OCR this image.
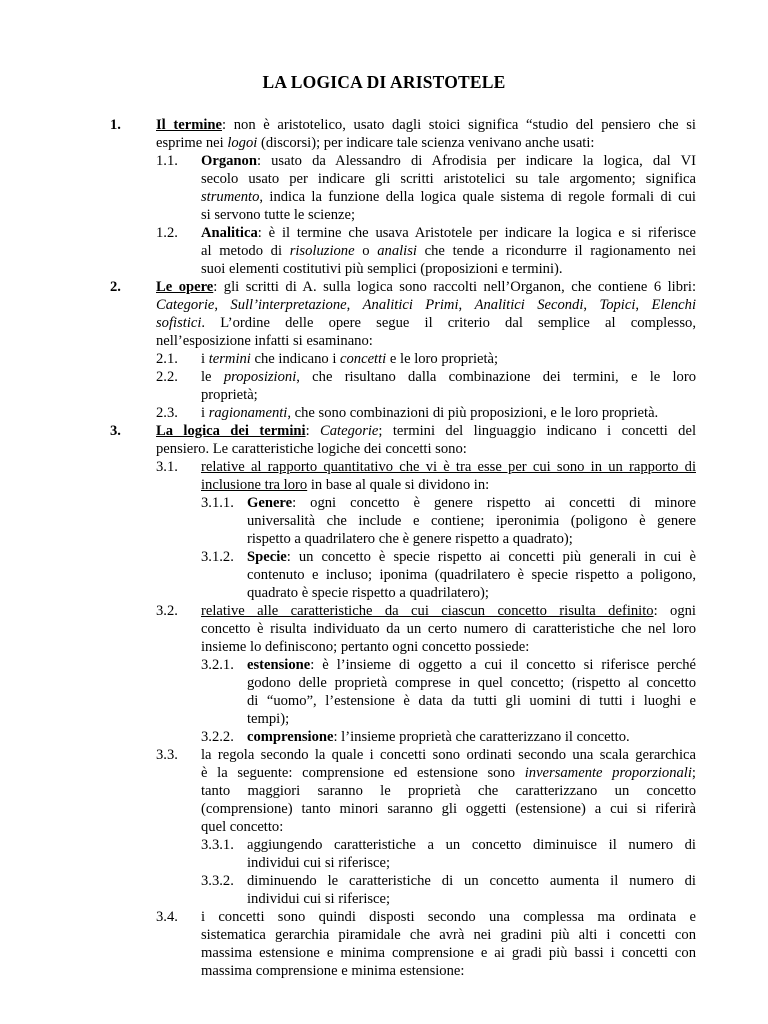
LA LOGICA DI ARISTOTELE
1. Il termine: non è aristotelico, usato dagli stoici significa “studio del pensiero che si
esprime nei logoi (discorsi); per indicare tale scienza venivano anche usati:
1.1. Organon: usato da Alessandro di Afrodisia per indicare la logica, dal VI
secolo usato per indicare gli scritti aristotelici su tale argomento; significa
strumento, indica la funzione della logica quale sistema di regole formali di cui
si servono tutte le scienze;
1.2. Analitica: è il termine che usava Aristotele per indicare la logica e si riferisce
al metodo di risoluzione o analisi che tende a ricondurre il ragionamento nei
suoi elementi costitutivi più semplici (proposizioni e termini).
2. Le opere: gli scritti di A. sulla logica sono raccolti nell’Organon, che contiene 6 libri:
Categorie, Sull’interpretazione, Analitici Primi, Analitici Secondi, Topici, Elenchi
sofistici. L’ordine delle opere segue il criterio dal semplice al complesso,
nell’esposizione infatti si esaminano:
2.1. i termini che indicano i concetti e le loro proprietà;
2.2. le proposizioni, che risultano dalla combinazione dei termini, e le loro
proprietà;
2.3. i ragionamenti, che sono combinazioni di più proposizioni, e le loro proprietà.
3. La logica dei termini: Categorie; termini del linguaggio indicano i concetti del
pensiero. Le caratteristiche logiche dei concetti sono:
3.1. relative al rapporto quantitativo che vi è tra esse per cui sono in un rapporto di
inclusione tra loro in base al quale si dividono in:
3.1.1. Genere: ogni concetto è genere rispetto ai concetti di minore
universalità che include e contiene; iperonimia (poligono è genere
rispetto a quadrilatero che è genere rispetto a quadrato);
3.1.2. Specie: un concetto è specie rispetto ai concetti più generali in cui è
contenuto e incluso; iponima (quadrilatero è specie rispetto a poligono,
quadrato è specie rispetto a quadrilatero);
3.2. relative alle caratteristiche da cui ciascun concetto risulta definito: ogni
concetto è risulta individuato da un certo numero di caratteristiche che nel loro
insieme lo definiscono; pertanto ogni concetto possiede:
3.2.1. estensione: è l’insieme di oggetto a cui il concetto si riferisce perché
godono delle proprietà comprese in quel concetto; (rispetto al concetto
di “uomo”, l’estensione è data da tutti gli uomini di tutti i luoghi e
tempi);
3.2.2. comprensione: l’insieme proprietà che caratterizzano il concetto.
3.3. la regola secondo la quale i concetti sono ordinati secondo una scala gerarchica
è la seguente: comprensione ed estensione sono inversamente proporzionali;
tanto maggiori saranno le proprietà che caratterizzano un concetto
(comprensione) tanto minori saranno gli oggetti (estensione) a cui si riferirà
quel concetto:
3.3.1. aggiungendo caratteristiche a un concetto diminuisce il numero di
individui cui si riferisce;
3.3.2. diminuendo le caratteristiche di un concetto aumenta il numero di
individui cui si riferisce;
3.4. i concetti sono quindi disposti secondo una complessa ma ordinata e
sistematica gerarchia piramidale che avrà nei gradini più alti i concetti con
massima estensione e minima comprensione e ai gradi più bassi i concetti con
massima comprensione e minima estensione:
